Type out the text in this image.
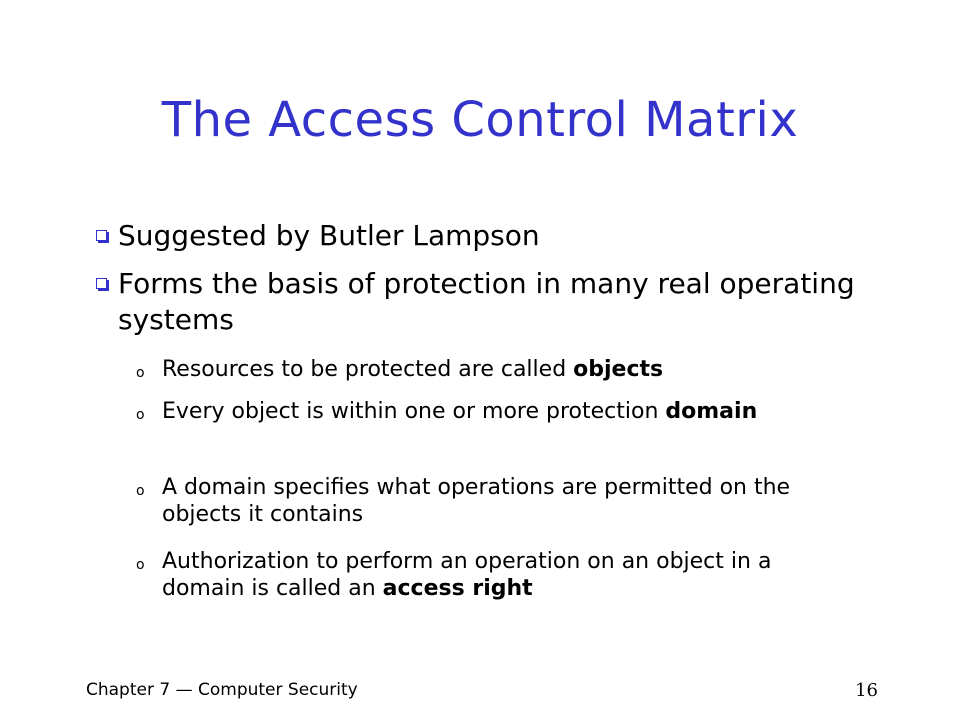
The Access Control Matrix
Suggested by Butler Lampson
Forms the basis of protection in many real operating systems
o Resources to be protected are called objects
o Every object is within one or more protection domain
o A domain specifies what operations are permitted on the objects it contains
o Authorization to perform an operation on an object in a domain is called an access right
Chapter 7 — Computer Security	16
